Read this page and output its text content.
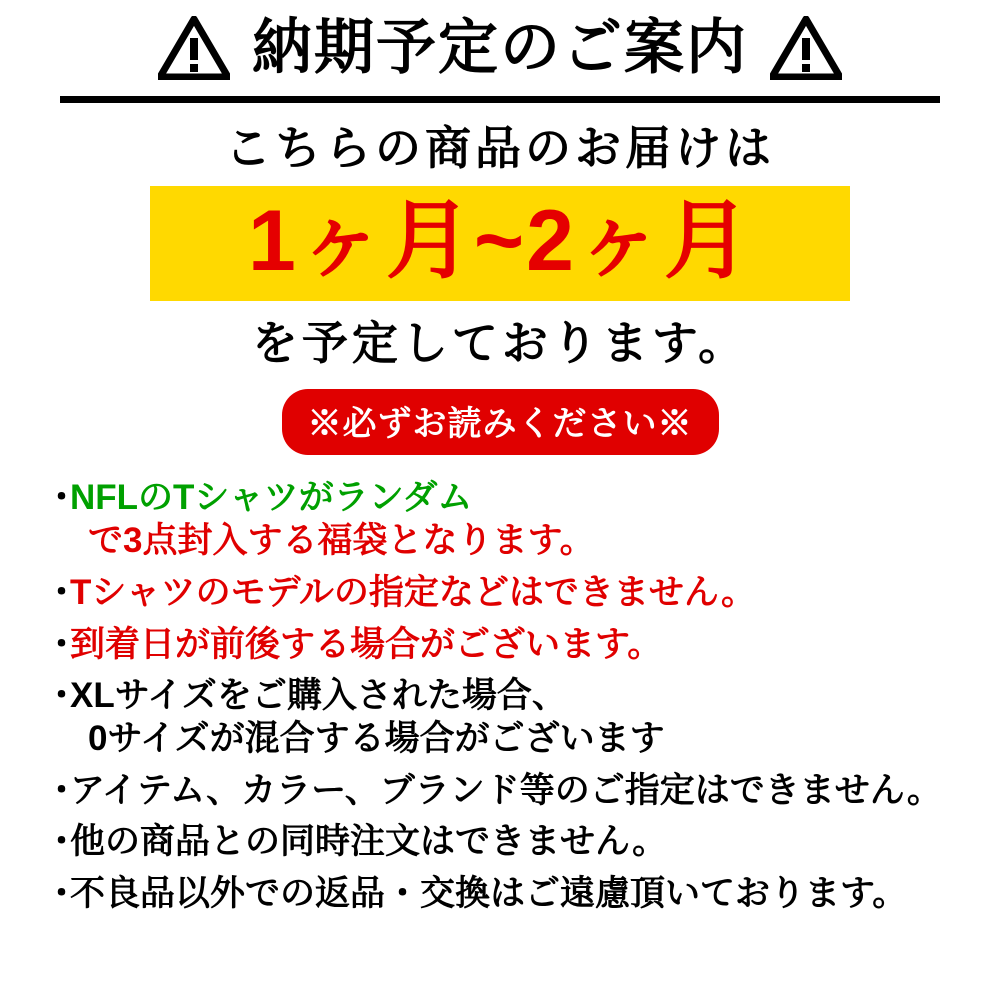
納期予定のご案内
こちらの商品のお届けは
1ヶ月~2ヶ月
を予定しております。
※必ずお読みください※
・
NFLのTシャツがランダム
で3点封入する福袋となります。
・
Tシャツのモデルの指定などはできません。
・
到着日が前後する場合がございます。
・
XLサイズをご購入された場合、
0サイズが混合する場合がございます
・
アイテム、カラー、ブランド等のご指定はできません。
・
他の商品との同時注文はできません。
・
不良品以外での返品・交換はご遠慮頂いております。
